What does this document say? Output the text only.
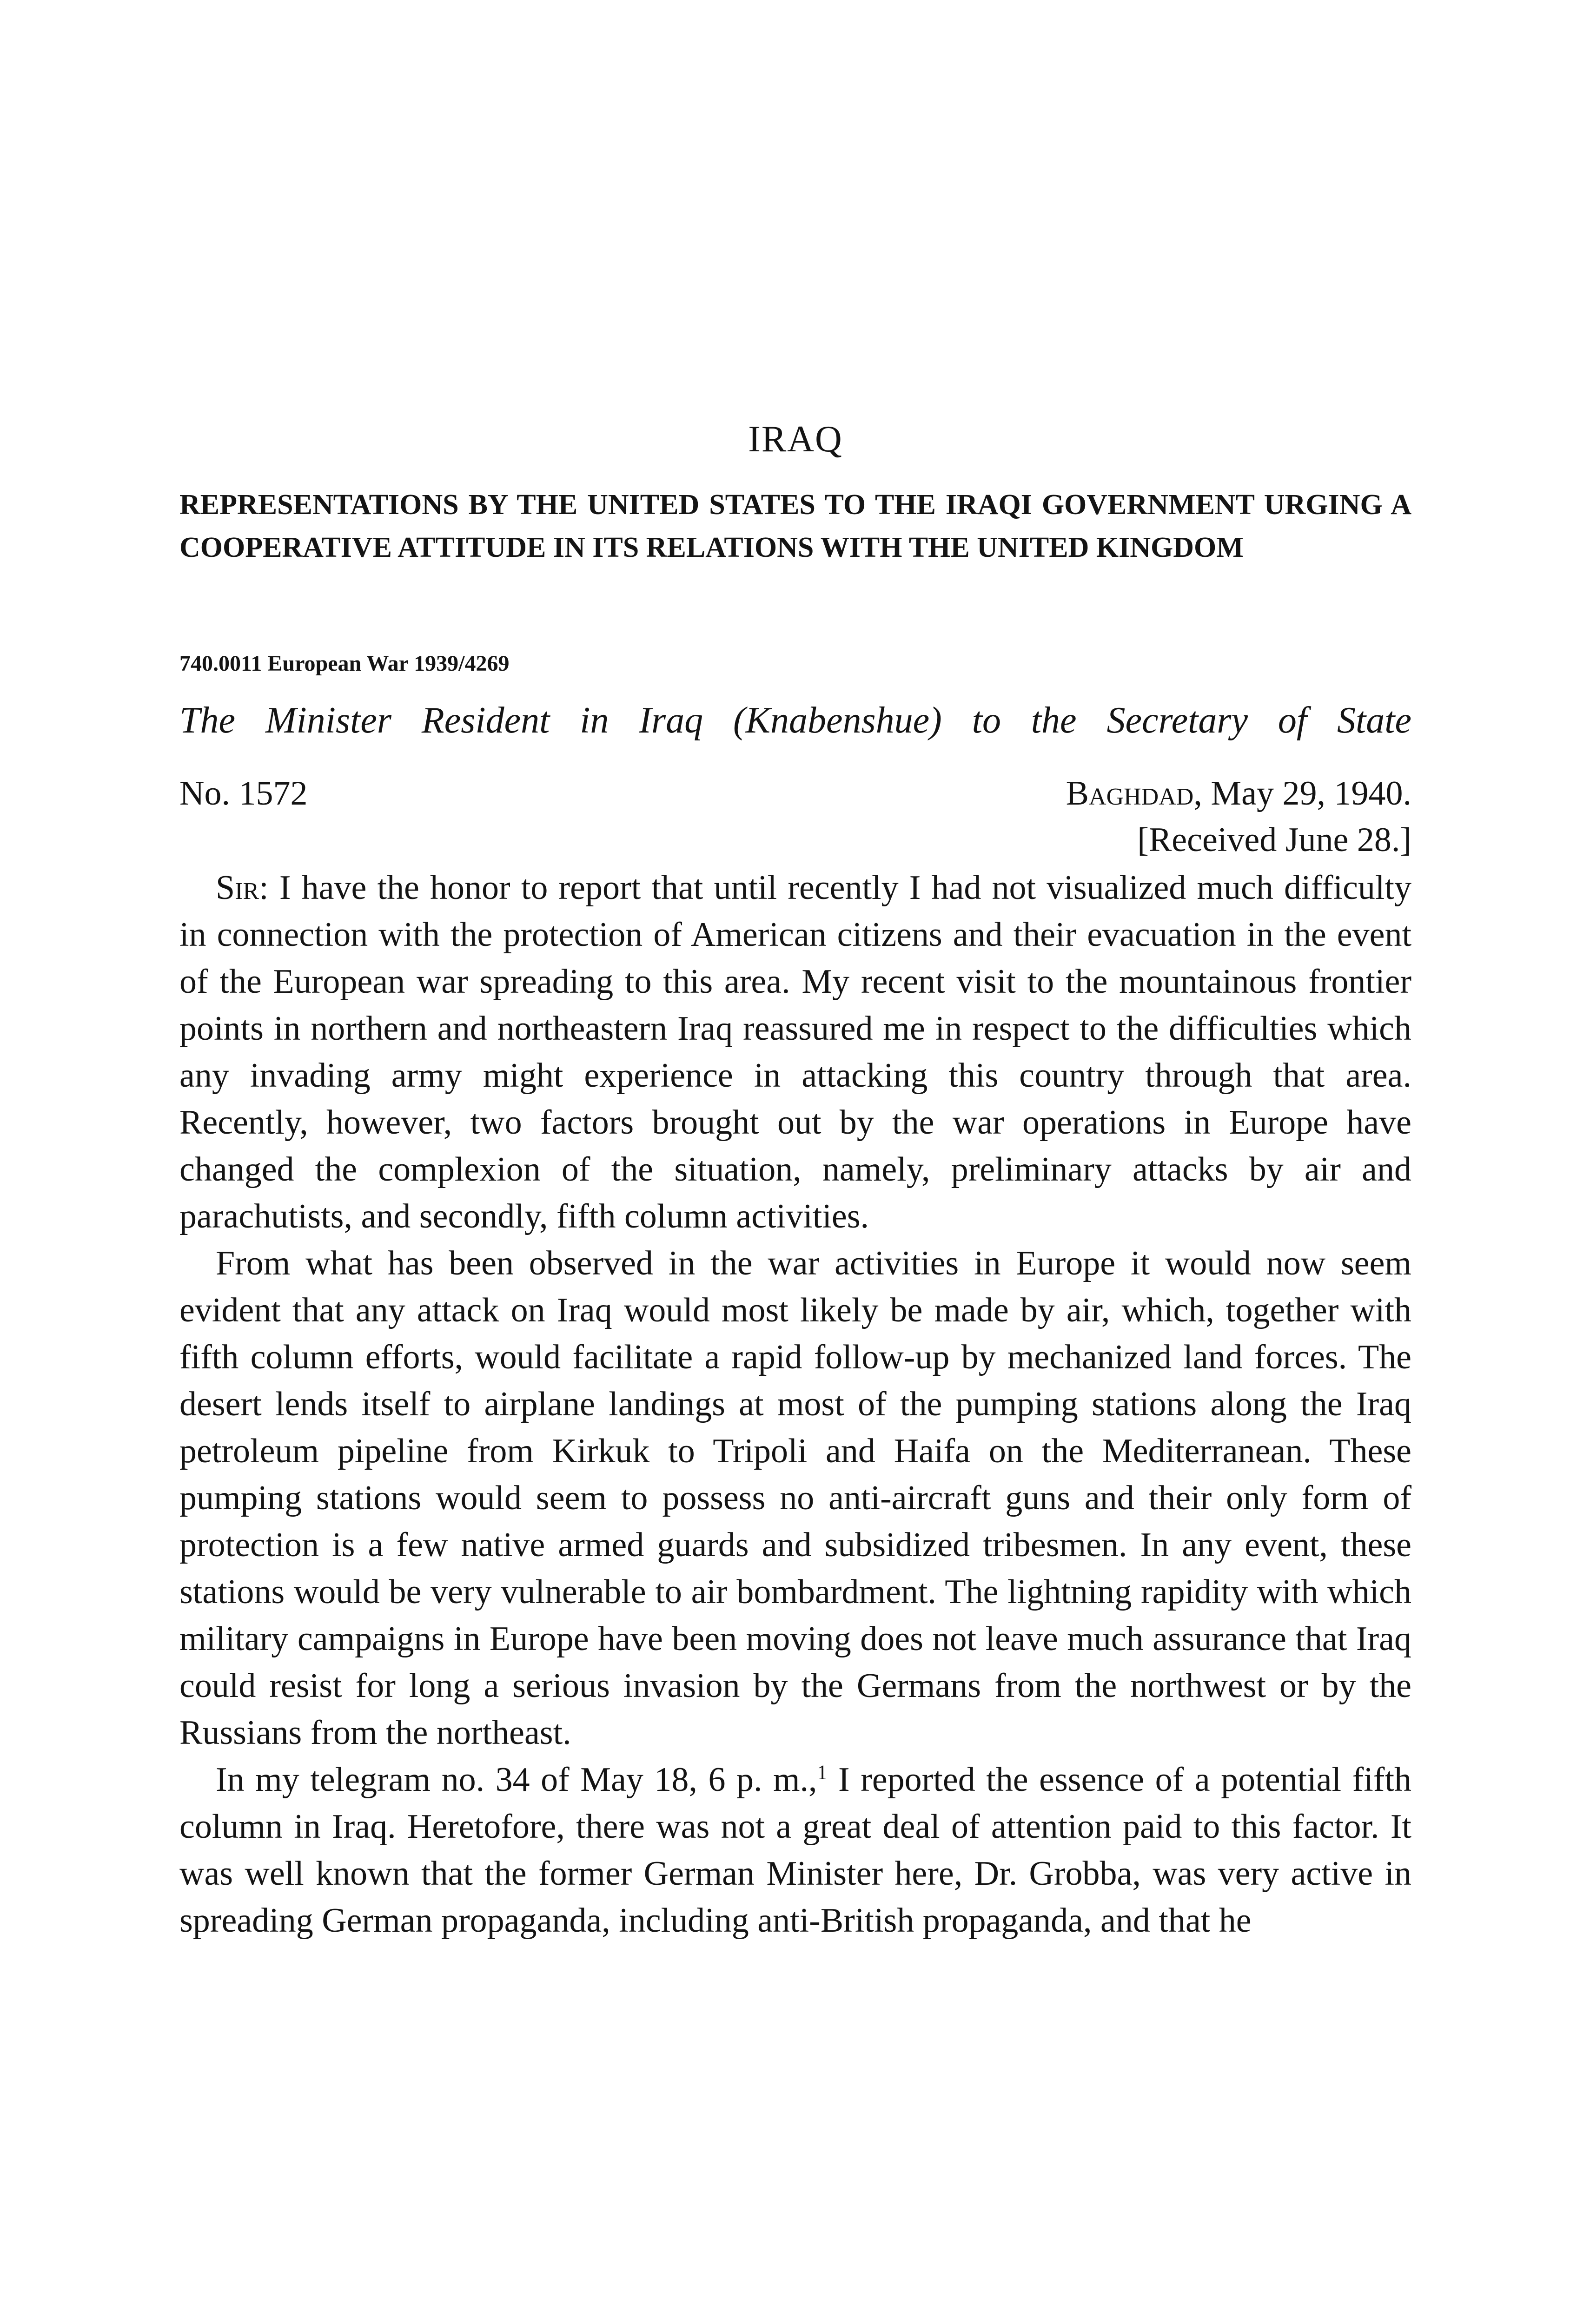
IRAQ
REPRESENTATIONS BY THE UNITED STATES TO THE IRAQI GOVERNMENT URGING A COOPERATIVE ATTITUDE IN ITS RELATIONS WITH THE UNITED KINGDOM
740.0011 European War 1939/4269
The Minister Resident in Iraq (Knabenshue) to the Secretary of State
No. 1572	Baghdad, May 29, 1940.
[Received June 28.]

Sir: I have the honor to report that until recently I had not visualized much difficulty in connection with the protection of American citizens and their evacuation in the event of the European war spreading to this area. My recent visit to the mountainous frontier points in northern and northeastern Iraq reassured me in respect to the difficulties which any invading army might experience in attacking this country through that area. Recently, however, two factors brought out by the war operations in Europe have changed the complexion of the situation, namely, preliminary attacks by air and parachutists, and secondly, fifth column activities.

From what has been observed in the war activities in Europe it would now seem evident that any attack on Iraq would most likely be made by air, which, together with fifth column efforts, would facilitate a rapid follow-up by mechanized land forces. The desert lends itself to airplane landings at most of the pumping stations along the Iraq petroleum pipeline from Kirkuk to Tripoli and Haifa on the Mediterranean. These pumping stations would seem to possess no anti-aircraft guns and their only form of protection is a few native armed guards and subsidized tribesmen. In any event, these stations would be very vulnerable to air bombardment. The lightning rapidity with which military campaigns in Europe have been moving does not leave much assurance that Iraq could resist for long a serious invasion by the Germans from the northwest or by the Russians from the northeast.

In my telegram no. 34 of May 18, 6 p. m.,$^1$ I reported the essence of a potential fifth column in Iraq. Heretofore, there was not a great deal of attention paid to this factor. It was well known that the former German Minister here, Dr. Grobba, was very active in spreading German propaganda, including anti-British propaganda, and that he
